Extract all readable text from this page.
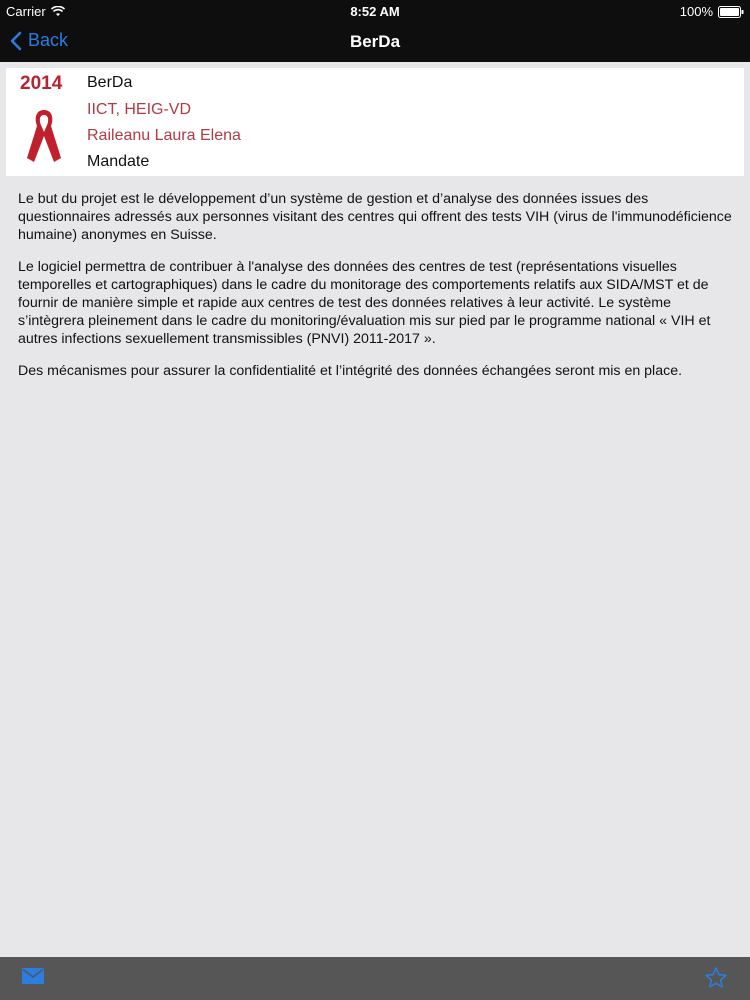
Carrier	8:52 AM	100%
Back	BerDa
2014 BerDa
IICT, HEIG-VD
Raileanu Laura Elena
Mandate

Le but du projet est le développement d’un système de gestion et d’analyse des données issues des questionnaires adressés aux personnes visitant des centres qui offrent des tests VIH (virus de l'immunodéficience humaine) anonymes en Suisse.

Le logiciel permettra de contribuer à l'analyse des données des centres de test (représentations visuelles temporelles et cartographiques) dans le cadre du monitorage des comportements relatifs aux SIDA/MST et de fournir de manière simple et rapide aux centres de test des données relatives à leur activité. Le système s’intègrera pleinement dans le cadre du monitoring/évaluation mis sur pied par le programme national « VIH et autres infections sexuellement transmissibles (PNVI) 2011-2017 ».

Des mécanismes pour assurer la confidentialité et l’intégrité des données échangées seront mis en place.
